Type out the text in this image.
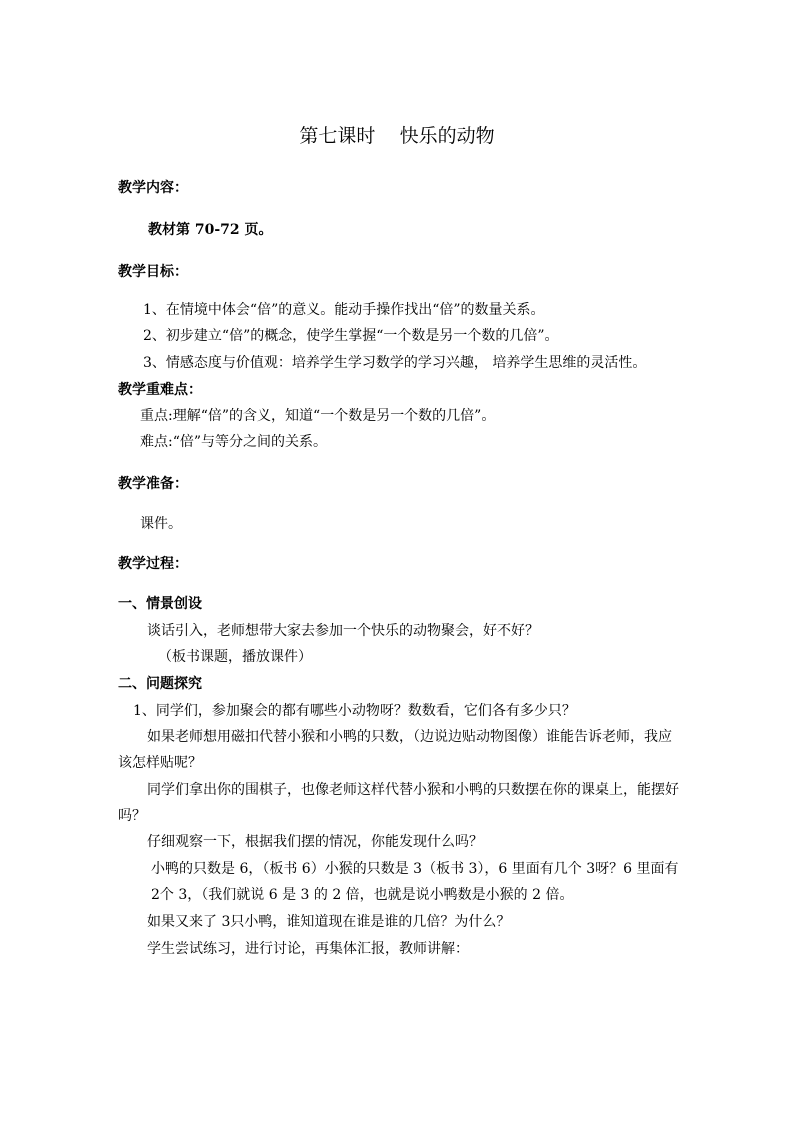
第七课时    快乐的动物
教学内容：
教材第 70-72 页。
教学目标：
1、在情境中体会“倍”的意义。能动手操作找出“倍”的数量关系。
2、初步建立“倍”的概念，使学生掌握“一个数是另一个数的几倍”。
3、情感态度与价值观：培养学生学习数学的学习兴趣， 培养学生思维的灵活性。
教学重难点：
重点:理解“倍”的含义，知道“一个数是另一个数的几倍”。
难点:“倍”与等分之间的关系。
教学准备：
课件。
教学过程：
一、情景创设
谈话引入，老师想带大家去参加一个快乐的动物聚会，好不好？
（板书课题，播放课件）
二、问题探究
1、同学们，参加聚会的都有哪些小动物呀？数数看，它们各有多少只？
如果老师想用磁扣代替小猴和小鸭的只数，（边说边贴动物图像）谁能告诉老师，我应
该怎样贴呢？
同学们拿出你的围棋子，也像老师这样代替小猴和小鸭的只数摆在你的课桌上，能摆好
吗？
仔细观察一下，根据我们摆的情况，你能发现什么吗？
小鸭的只数是 6，（板书 6）小猴的只数是 3（板书 3），6 里面有几个 3呀？6 里面有
2个 3，（我们就说 6 是 3 的 2 倍，也就是说小鸭数是小猴的 2 倍。
如果又来了 3只小鸭，谁知道现在谁是谁的几倍？为什么？
学生尝试练习，进行讨论，再集体汇报，教师讲解：
